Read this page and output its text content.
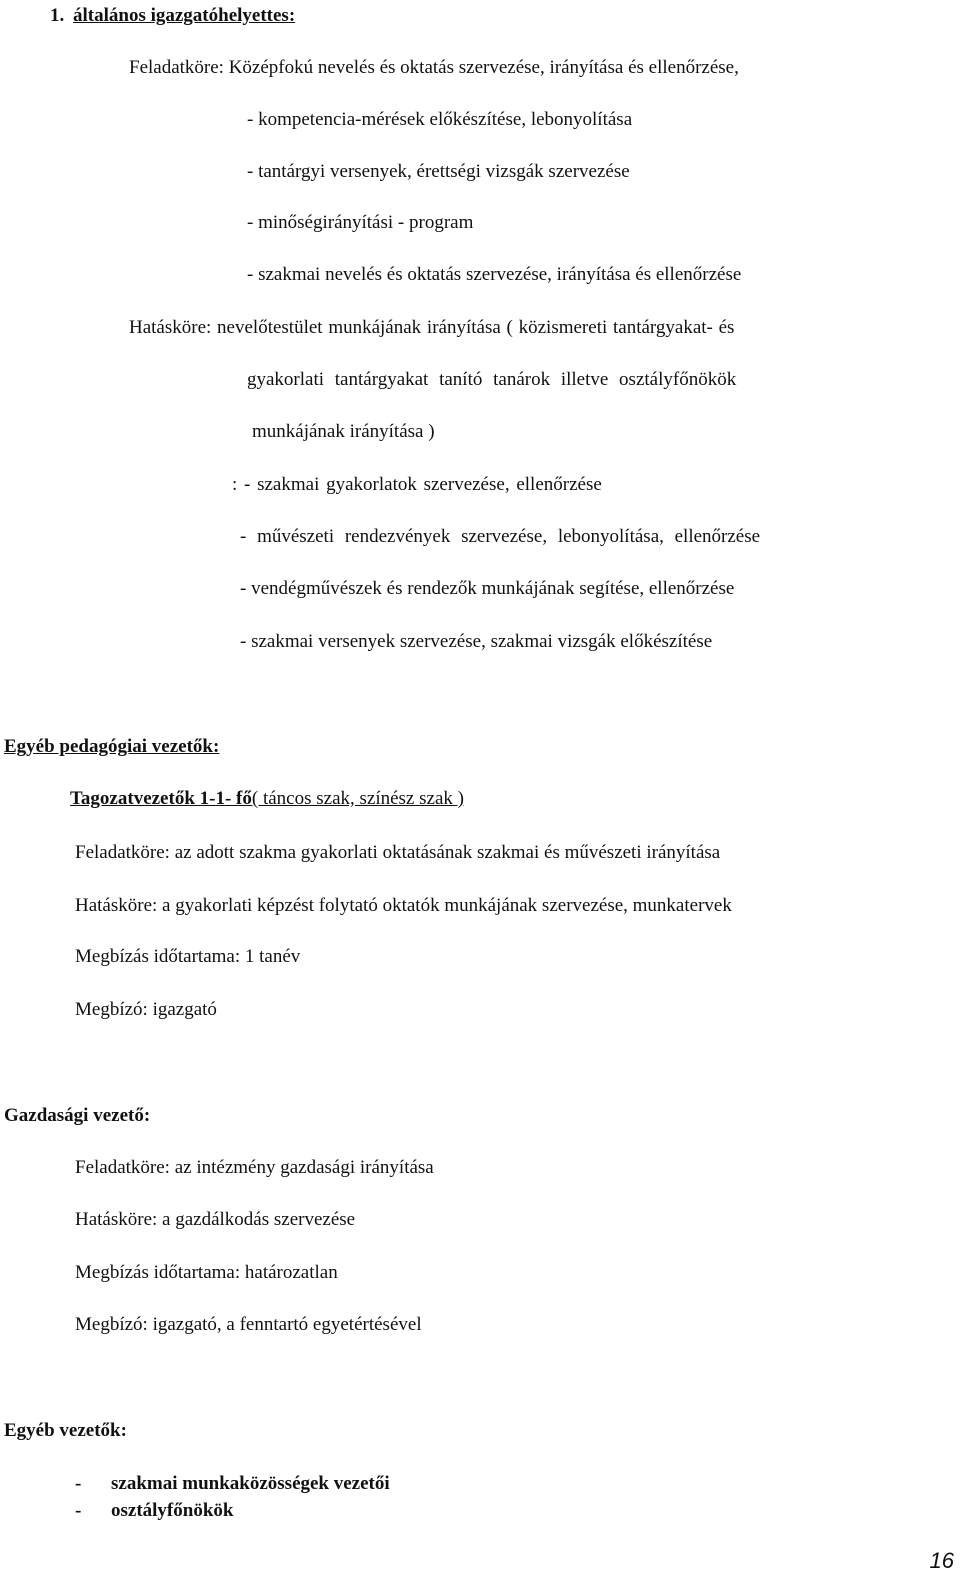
1. általános igazgatóhelyettes:
Feladatköre: Középfokú nevelés és oktatás szervezése, irányítása és ellenőrzése,
- kompetencia-mérések előkészítése, lebonyolítása
- tantárgyi versenyek, érettségi vizsgák szervezése
- minőségirányítási - program
- szakmai nevelés és oktatás szervezése, irányítása és ellenőrzése
Hatásköre: nevelőtestület munkájának irányítása ( közismereti tantárgyakat- és
gyakorlati tantárgyakat tanító tanárok illetve osztályfőnökök
munkájának irányítása )
: - szakmai gyakorlatok szervezése, ellenőrzése
- művészeti rendezvények szervezése, lebonyolítása, ellenőrzése
- vendégművészek és rendezők munkájának segítése, ellenőrzése
- szakmai versenyek szervezése, szakmai vizsgák előkészítése
Egyéb pedagógiai vezetők:
Tagozatvezetők 1-1- fő( táncos szak, színész szak )
Feladatköre: az adott szakma gyakorlati oktatásának szakmai és művészeti irányítása
Hatásköre: a gyakorlati képzést folytató oktatók munkájának szervezése, munkatervek
Megbízás időtartama: 1 tanév
Megbízó: igazgató
Gazdasági vezető:
Feladatköre: az intézmény gazdasági irányítása
Hatásköre: a gazdálkodás szervezése
Megbízás időtartama: határozatlan
Megbízó: igazgató, a fenntartó egyetértésével
Egyéb vezetők:
- szakmai munkaközösségek vezetői
- osztályfőnökök
16
